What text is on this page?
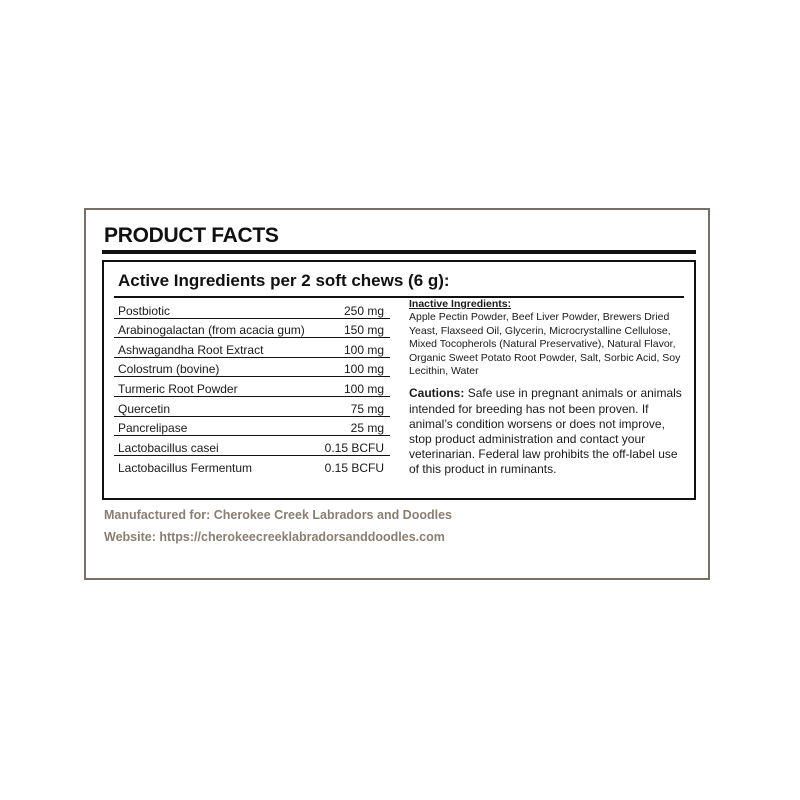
PRODUCT FACTS
Active Ingredients per 2 soft chews (6 g):
Postbiotic	250 mg
Arabinogalactan (from acacia gum)	150 mg
Ashwagandha Root Extract	100 mg
Colostrum (bovine)	100 mg
Turmeric Root Powder	100 mg
Quercetin	75 mg
Pancrelipase	25 mg
Lactobacillus casei	0.15 BCFU
Lactobacillus Fermentum	0.15 BCFU
Inactive Ingredients:

Apple Pectin Powder, Beef Liver Powder, Brewers Dried Yeast, Flaxseed Oil, Glycerin, Microcrystalline Cellulose, Mixed Tocopherols (Natural Preservative), Natural Flavor, Organic Sweet Potato Root Powder, Salt, Sorbic Acid, Soy Lecithin, Water

Cautions: Safe use in pregnant animals or animals intended for breeding has not been proven. If animal’s condition worsens or does not improve, stop product administration and contact your veterinarian. Federal law prohibits the off-label use of this product in ruminants.

Manufactured for: Cherokee Creek Labradors and Doodles
Website: https://cherokeecreeklabradorsanddoodles.com
